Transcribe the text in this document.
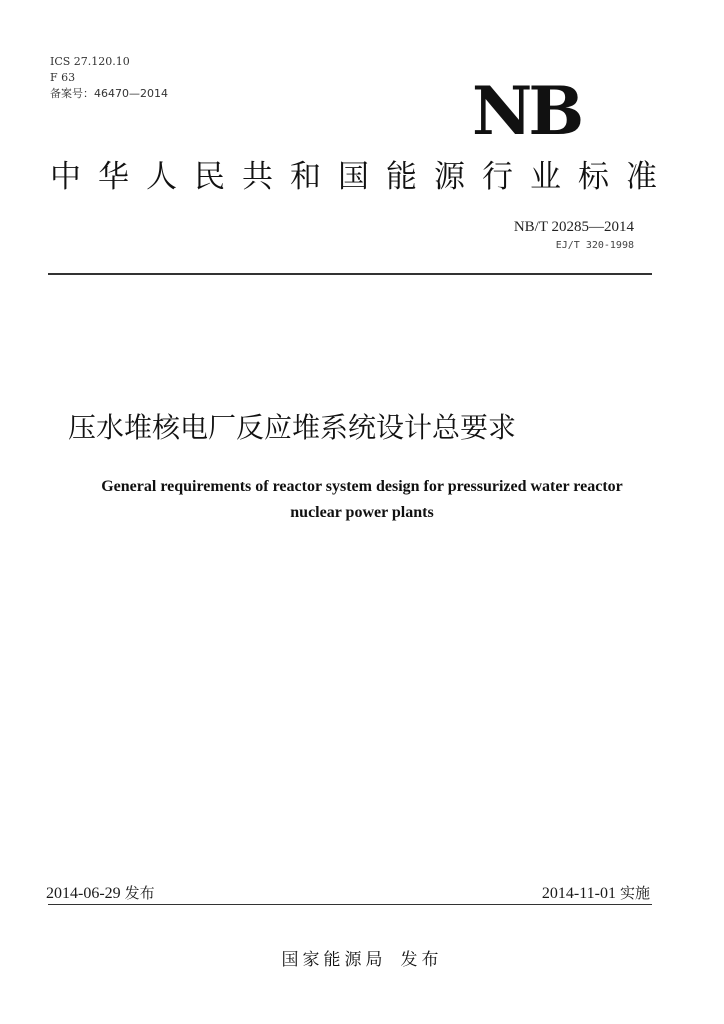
ICS 27.120.10
F 63
备案号：46470—2014	NB
中华人民共和国能源行业标准
NB/T 20285—2014
EJ/T 320-1998
压水堆核电厂反应堆系统设计总要求
General requirements of reactor system design for pressurized water reactor
nuclear power plants
2014-06-29 发布	2014-11-01 实施
国家能源局 发布
